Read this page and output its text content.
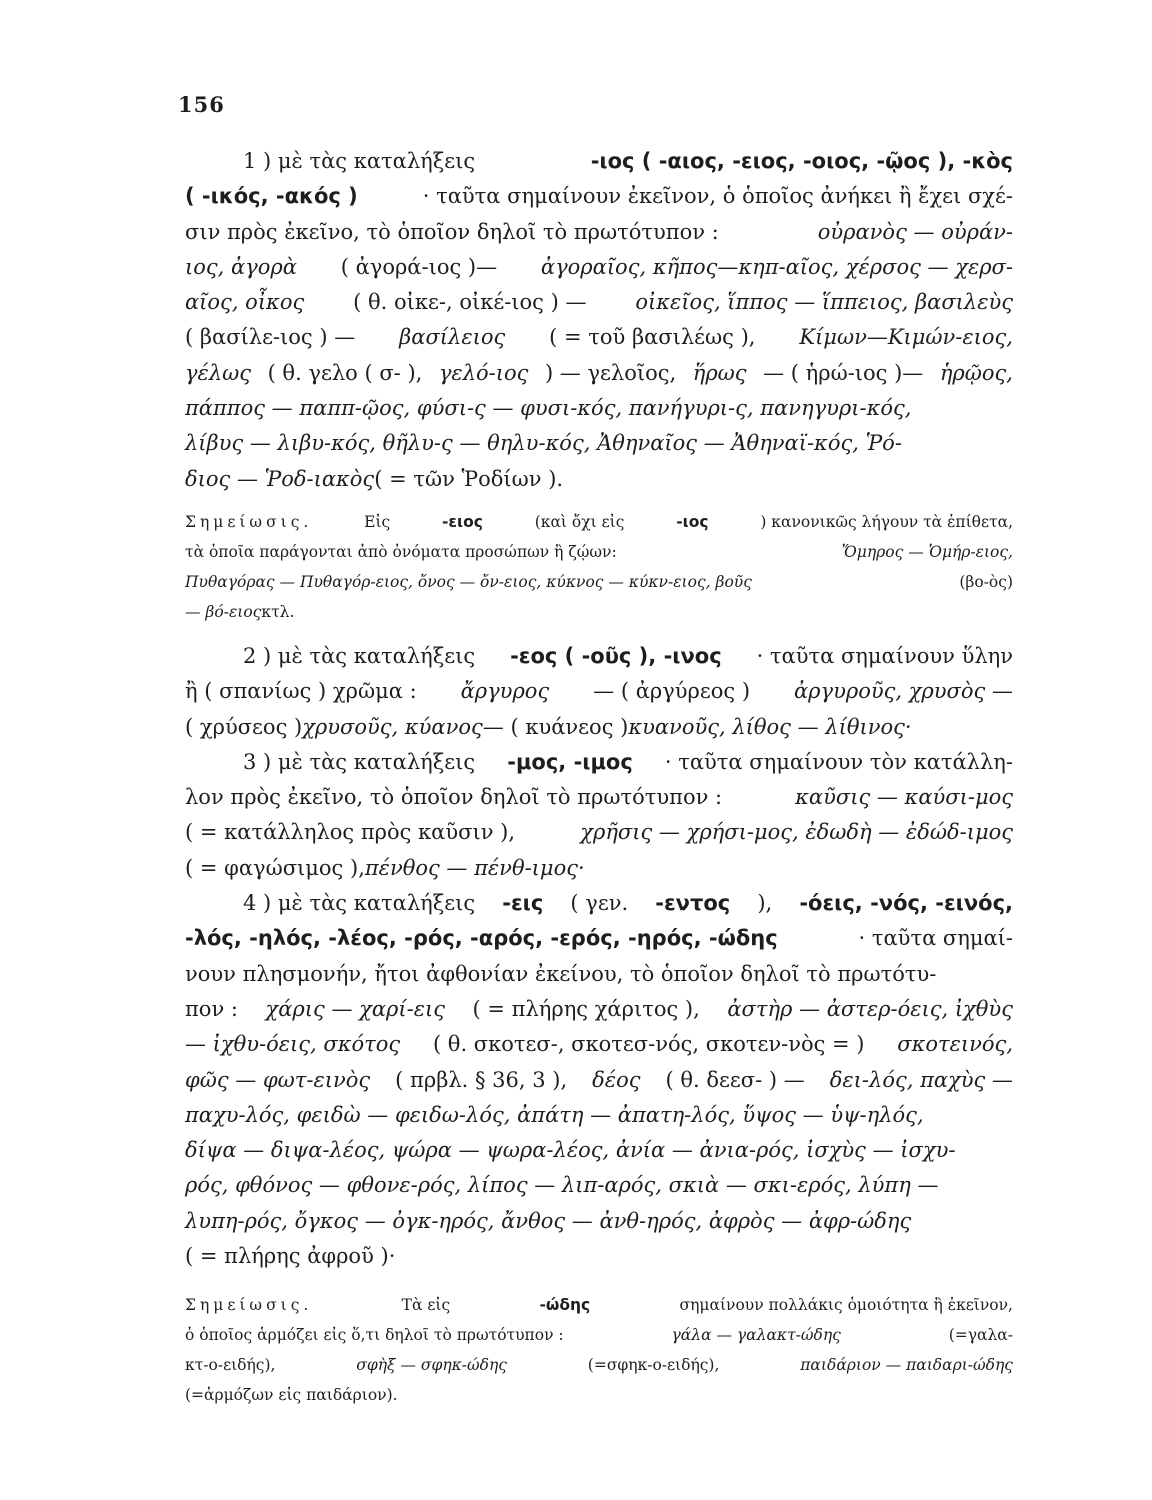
156
1 ) μὲ τὰς καταλήξεις	-ιος ( -αιος, -ειος, -οιος, -ῷος ), -κὸς
( -ικός, -ακός )	· ταῦτα σημαίνουν ἐκεῖνον, ὁ ὁποῖος ἀνήκει ἢ ἔχει σχέ-
σιν πρὸς ἐκεῖνο, τὸ ὁποῖον δηλοῖ τὸ πρωτότυπον :	οὐρανὸς — οὐράν-
ιος, ἀγορὰ ( ἀγορά-ιος )— ἀγοραῖος, κῆπος—κηπ-αῖος, χέρσος — χερσ-
αῖος, οἶκος ( θ. οἰκε-, οἰκέ-ιος ) — οἰκεῖος, ἵππος — ἵππειος, βασιλεὺς
( βασίλε-ιος ) — βασίλειος ( = τοῦ βασιλέως ), Κίμων—Κιμών-ειος,
γέλως ( θ. γελο ( σ- ), γελό-ιος ) — γελοῖος, ἥρως — ( ἡρώ-ιος )— ἡρῷος,
πάππος — παππ-ῷος, φύσι-ς — φυσι-κός, πανήγυρι-ς, πανηγυρι-κός,
λίβυς — λιβυ-κός, θῆλυ-ς — θηλυ-κός, Ἀθηναῖος — Ἀθηναϊ-κός, Ῥό-
διος — Ῥοδ-ιακὸς ( = τῶν Ῥοδίων ).
Σημείωσις.	Εἰς	-ειος	(καὶ ὄχι εἰς	-ιος	) κανονικῶς λήγουν τὰ ἐπίθετα,
τὰ ὁποῖα παράγονται ἀπὸ ὀνόματα προσώπων ἢ ζῴων:	Ὅμηρος — Ὁμήρ-ειος,
Πυθαγόρας — Πυθαγόρ-ειος, ὄνος — ὄν-ειος, κύκνος — κύκν-ειος, βοῦς	(βο-ὸς)
— βό-ειος κτλ.
2 ) μὲ τὰς καταλήξεις -εος ( -οῦς ), -ινος · ταῦτα σημαίνουν ὕλην
ἢ ( σπανίως ) χρῶμα : ἄργυρος — ( ἀργύρεος ) ἀργυροῦς, χρυσὸς —
( χρύσεος ) χρυσοῦς, κύανος — ( κυάνεος ) κυανοῦς, λίθος — λίθινος·
3 ) μὲ τὰς καταλήξεις -μος, -ιμος · ταῦτα σημαίνουν τὸν κατάλλη-
λον πρὸς ἐκεῖνο, τὸ ὁποῖον δηλοῖ τὸ πρωτότυπον :	καῦσις — καύσι-μος
( = κατάλληλος πρὸς καῦσιν ),	χρῆσις — χρήσι-μος, ἐδωδὴ — ἐδώδ-ιμος
( = φαγώσιμος ), πένθος — πένθ-ιμος·
4 ) μὲ τὰς καταλήξεις -εις ( γεν. -εντος ), -όεις, -νός, -εινός,
-λός, -ηλός, -λέος, -ρός, -αρός, -ερός, -ηρός, -ώδης	· ταῦτα σημαί-
νουν πλησμονήν, ἤτοι ἀφθονίαν ἐκείνου, τὸ ὁποῖον δηλοῖ τὸ πρωτότυ-
πον : χάρις — χαρί-εις ( = πλήρης χάριτος ), ἀστὴρ — ἀστερ-όεις, ἰχθὺς
— ἰχθυ-όεις, σκότος ( θ. σκοτεσ-, σκοτεσ-νός, σκοτεν-νὸς = ) σκοτεινός,
φῶς — φωτ-εινὸς ( πρβλ. § 36, 3 ), δέος ( θ. δεεσ- ) — δει-λός, παχὺς —
παχυ-λός, φειδὼ — φειδω-λός, ἀπάτη — ἀπατη-λός, ὕψος — ὑψ-ηλός,
δίψα — διψα-λέος, ψώρα — ψωρα-λέος, ἀνία — ἀνια-ρός, ἰσχὺς — ἰσχυ-
ρός, φθόνος — φθονε-ρός, λίπος — λιπ-αρός, σκιὰ — σκι-ερός, λύπη —
λυπη-ρός, ὄγκος — ὀγκ-ηρός, ἄνθος — ἀνθ-ηρός, ἀφρὸς — ἀφρ-ώδης
( = πλήρης ἀφροῦ )·
Σημείωσις.	Τὰ εἰς	-ώδης	σημαίνουν πολλάκις ὁμοιότητα ἢ ἐκεῖνον,
ὁ ὁποῖος ἁρμόζει εἰς ὅ,τι δηλοῖ τὸ πρωτότυπον :	γάλα — γαλακτ-ώδης	(=γαλα-
κτ-ο-ειδής),	σφὴξ — σφηκ-ώδης	(=σφηκ-ο-ειδής),	παιδάριον — παιδαρι-ώδης
(=ἁρμόζων εἰς παιδάριον).
